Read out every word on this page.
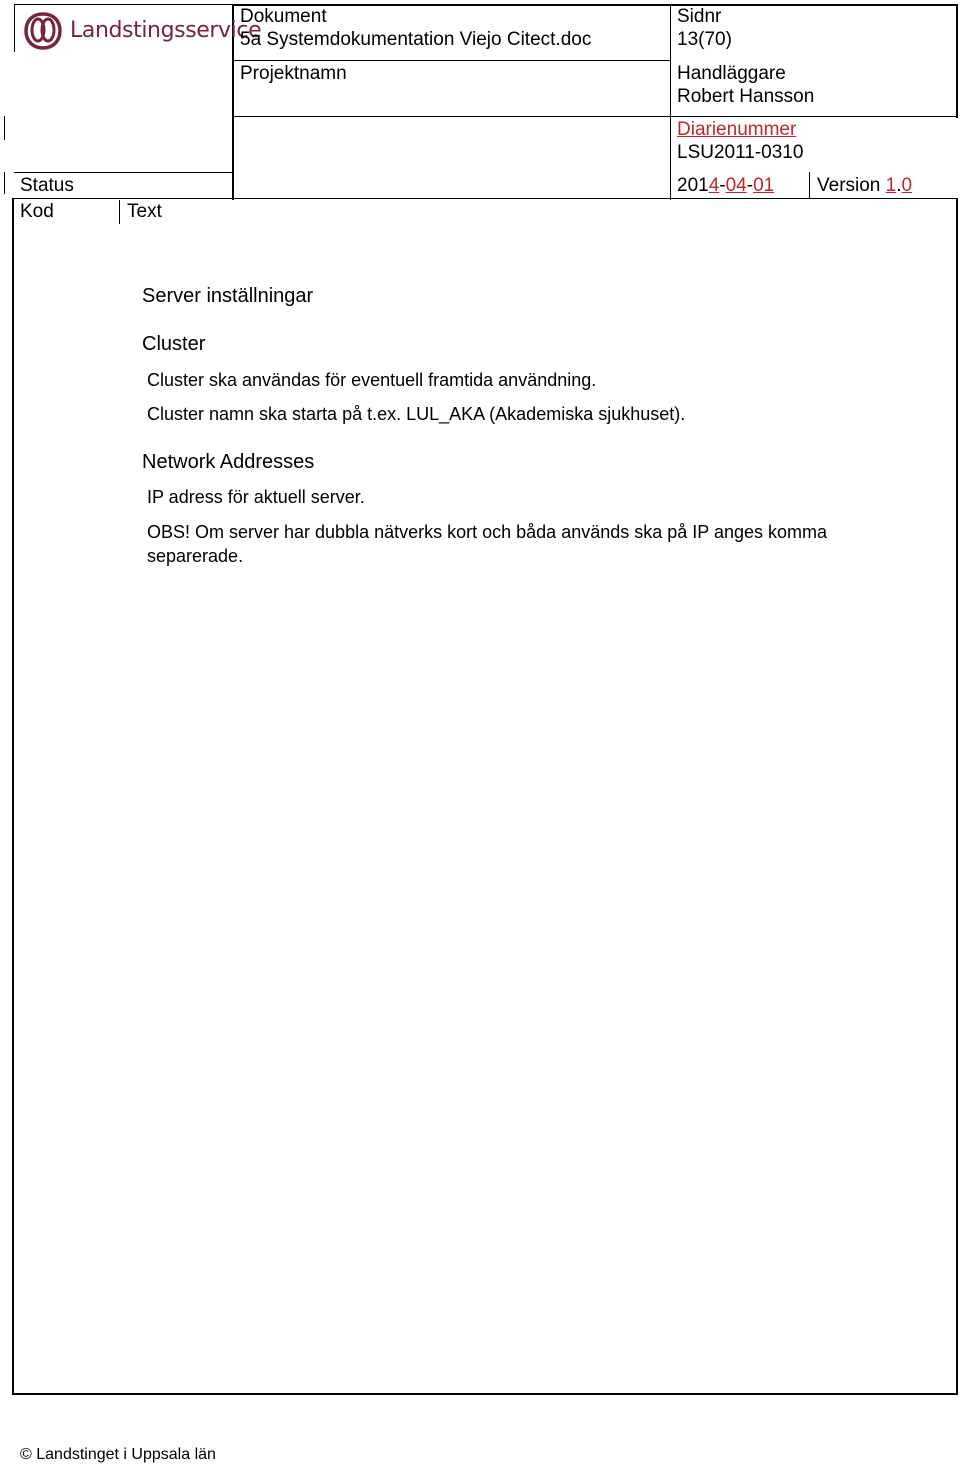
Landstingsservice
Dokument
5a Systemdokumentation Viejo Citect.doc
Projektnamn
Sidnr
13(70)
Handläggare
Robert Hansson
Diarienummer
LSU2011-0310
Status	2014-04-01 Version 1.0
Kod	Text
Server inställningar
Cluster
Cluster ska användas för eventuell framtida användning.
Cluster namn ska starta på t.ex. LUL_AKA (Akademiska sjukhuset).
Network Addresses
IP adress för aktuell server.
OBS! Om server har dubbla nätverks kort och båda används ska på IP anges komma
separerade.
© Landstinget i Uppsala län
